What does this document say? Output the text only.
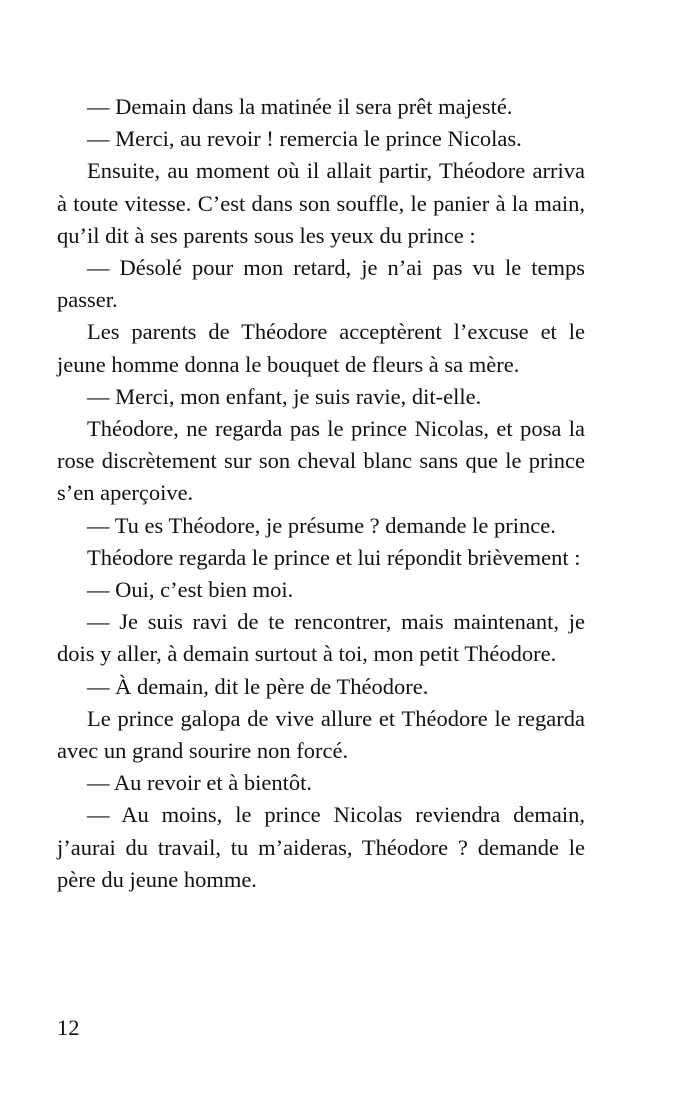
— Demain dans la matinée il sera prêt majesté.

— Merci, au revoir ! remercia le prince Nicolas.

Ensuite, au moment où il allait partir, Théodore arriva à toute vitesse. C’est dans son souffle, le panier à la main, qu’il dit à ses parents sous les yeux du prince :

— Désolé pour mon retard, je n’ai pas vu le temps passer.

Les parents de Théodore acceptèrent l’excuse et le jeune homme donna le bouquet de fleurs à sa mère.

— Merci, mon enfant, je suis ravie, dit-elle.

Théodore, ne regarda pas le prince Nicolas, et posa la rose discrètement sur son cheval blanc sans que le prince s’en aperçoive.

— Tu es Théodore, je présume ? demande le prince.

Théodore regarda le prince et lui répondit brièvement :

— Oui, c’est bien moi.

— Je suis ravi de te rencontrer, mais maintenant, je dois y aller, à demain surtout à toi, mon petit Théodore.

— À demain, dit le père de Théodore.

Le prince galopa de vive allure et Théodore le regarda avec un grand sourire non forcé.

— Au revoir et à bientôt.

— Au moins, le prince Nicolas reviendra demain, j’aurai du travail, tu m’aideras, Théodore ? demande le père du jeune homme.

12
